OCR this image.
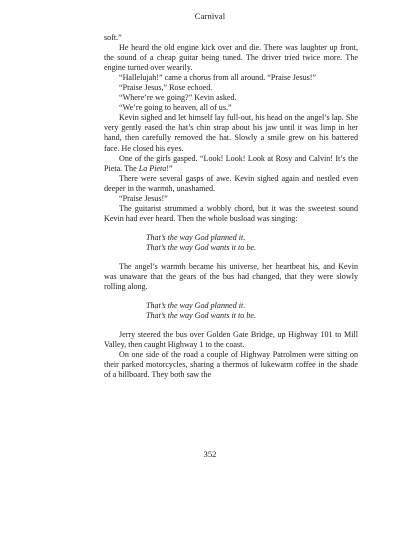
Carnival

soft.”

He heard the old engine kick over and die. There was laughter up front, the sound of a cheap guitar being tuned. The driver tried twice more. The engine turned over wearily.

“Hallelujah!” came a chorus from all around. “Praise Jesus!”

“Praise Jesus,” Rose echoed.

“Where’re we going?” Kevin asked.

“We’re going to heaven, all of us.”

Kevin sighed and let himself lay full-out, his head on the angel’s lap. She very gently eased the hat’s chin strap about his jaw until it was limp in her hand, then carefully removed the hat. Slowly a smile grew on his battered face. He closed his eyes.

One of the girls gasped. “Look! Look! Look at Rosy and Calvin! It’s the Pieta. The La Pieta!”

There were several gasps of awe. Kevin sighed again and nestled even deeper in the warmth, unashamed.

“Praise Jesus!”

The guitarist strummed a wobbly chord, but it was the sweetest sound Kevin had ever heard. Then the whole busload was singing:

That’s the way God planned it.
That’s the way God wants it to be.

The angel’s warmth became his universe, her heartbeat his, and Kevin was unaware that the gears of the bus had changed, that they were slowly rolling along.

That’s the way God planned it.
That’s the way God wants it to be.

Jerry steered the bus over Golden Gate Bridge, up Highway 101 to Mill Valley, then caught Highway 1 to the coast.

On one side of the road a couple of Highway Patrolmen were sitting on their parked motorcycles, sharing a thermos of lukewarm coffee in the shade of a billboard. They both saw the

352
